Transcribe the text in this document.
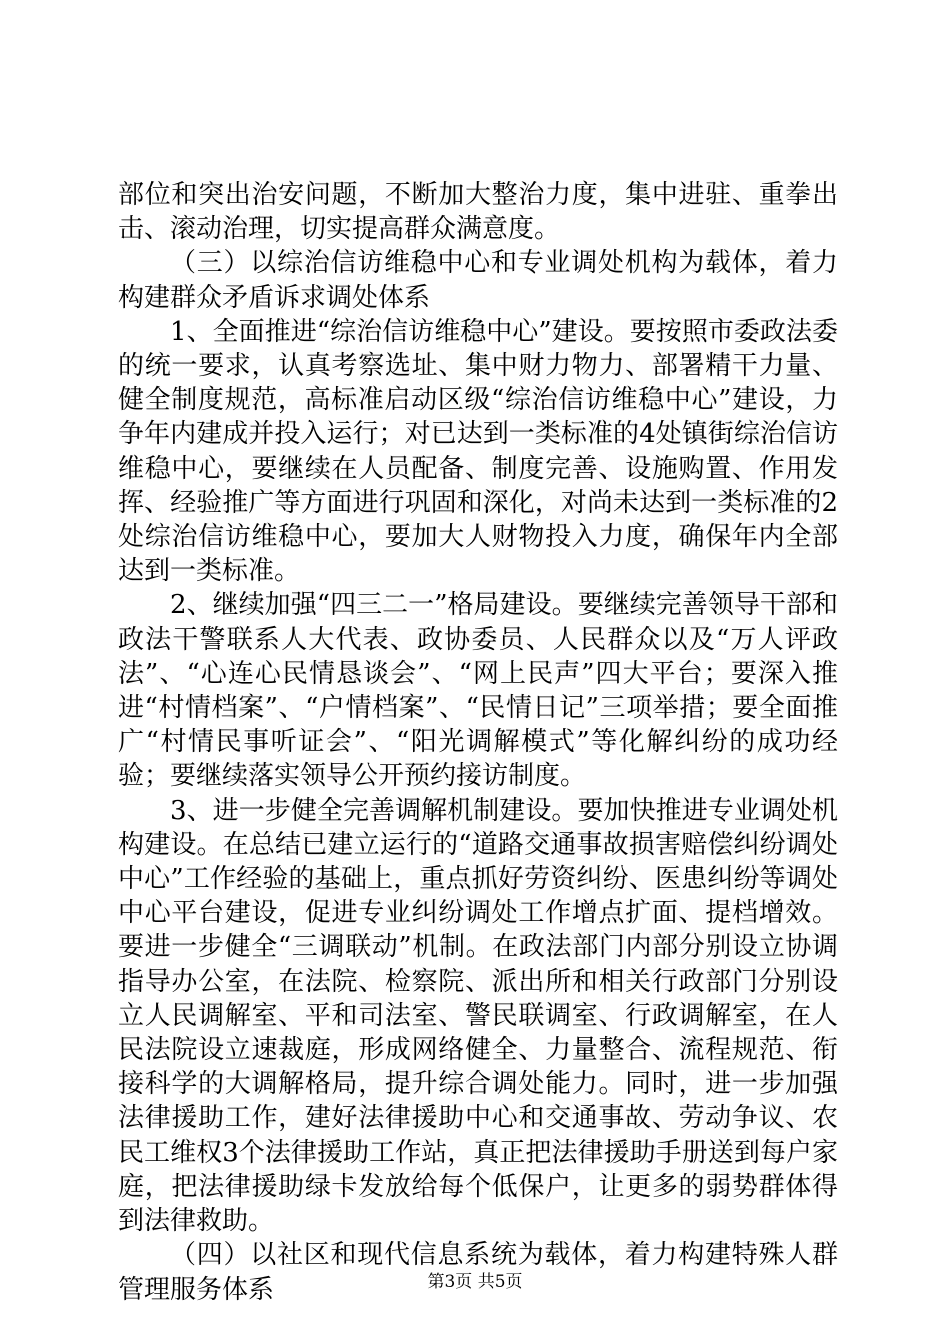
部位和突出治安问题，不断加大整治力度，集中进驻、重拳出击、滚动治理，切实提高群众满意度。

（三）以综治信访维稳中心和专业调处机构为载体，着力构建群众矛盾诉求调处体系

1、全面推进“综治信访维稳中心”建设。要按照市委政法委的统一要求，认真考察选址、集中财力物力、部署精干力量、健全制度规范，高标准启动区级“综治信访维稳中心”建设，力争年内建成并投入运行；对已达到一类标准的4处镇街综治信访维稳中心，要继续在人员配备、制度完善、设施购置、作用发挥、经验推广等方面进行巩固和深化，对尚未达到一类标准的2处综治信访维稳中心，要加大人财物投入力度，确保年内全部达到一类标准。

2、继续加强“四三二一”格局建设。要继续完善领导干部和政法干警联系人大代表、政协委员、人民群众以及“万人评政法”、“心连心民情恳谈会”、“网上民声”四大平台；要深入推进“村情档案”、“户情档案”、“民情日记”三项举措；要全面推广“村情民事听证会”、“阳光调解模式”等化解纠纷的成功经验；要继续落实领导公开预约接访制度。

3、进一步健全完善调解机制建设。要加快推进专业调处机构建设。在总结已建立运行的“道路交通事故损害赔偿纠纷调处中心”工作经验的基础上，重点抓好劳资纠纷、医患纠纷等调处中心平台建设，促进专业纠纷调处工作增点扩面、提档增效。要进一步健全“三调联动”机制。在政法部门内部分别设立协调指导办公室，在法院、检察院、派出所和相关行政部门分别设立人民调解室、平和司法室、警民联调室、行政调解室，在人民法院设立速裁庭，形成网络健全、力量整合、流程规范、衔接科学的大调解格局，提升综合调处能力。同时，进一步加强法律援助工作，建好法律援助中心和交通事故、劳动争议、农民工维权3个法律援助工作站，真正把法律援助手册送到每户家庭，把法律援助绿卡发放给每个低保户，让更多的弱势群体得到法律救助。

（四）以社区和现代信息系统为载体，着力构建特殊人群管理服务体系	第3页 共5页
